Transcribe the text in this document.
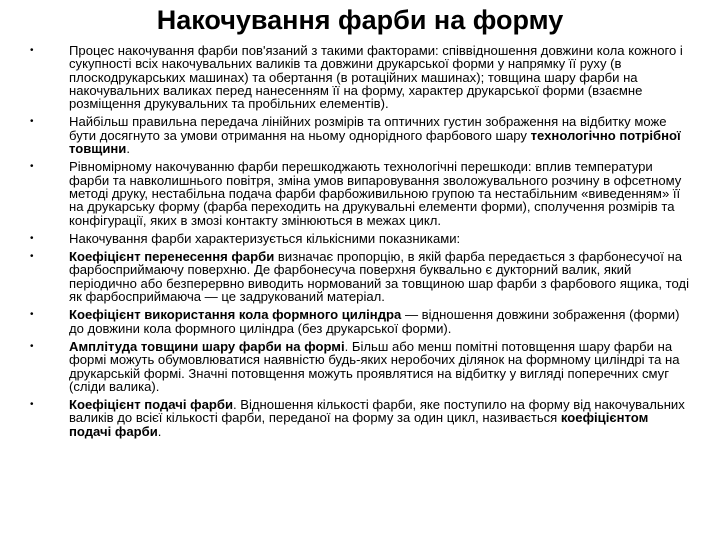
Накочування фарби на форму
•	Процес накочування фарби пов'язаний з такими факторами: співвідношення довжини кола кожного і сукупності всіх накочувальних валиків та довжини друкарської форми у напрямку її руху (в плоскодрукарських машинах) та обертання (в ротаційних машинах); товщина шару фарби на накочувальних валиках перед нанесенням її на форму, характер друкарської форми (взаємне розміщення друкувальних та пробільних елементів).
•	Найбільш правильна передача лінійних розмірів та оптичних густин зображення на відбитку може бути досягнуто за умови отримання на ньому однорідного фарбового шару технологічно потрібної товщини.
•	Рівномірному накочуванню фарби перешкоджають технологічні перешкоди: вплив температури фарби та навколишнього повітря, зміна умов випаровування зволожувального розчину в офсетному методі друку, нестабільна подача фарби фарбоживильною групою та нестабільним «виведенням» її на друкарську форму (фарба переходить на друкувальні елементи форми), сполучення розмірів та конфігурації, яких в змозі контакту змінюються в межах цикл.
•	Накочування фарби характеризується кількісними показниками:
•	Коефіцієнт перенесення фарби визначає пропорцію, в якій фарба передається з фарбонесучої на фарбосприймаючу поверхню. Де фарбонесуча поверхня буквально є дукторний валик, який періодично або безперервно виводить нормований за товщиною шар фарби з фарбового ящика, тоді як фарбосприймаюча — це задрукований матеріал.
•	Коефіцієнт використання кола формного циліндра — відношення довжини зображення (форми) до довжини кола формного циліндра (без друкарської форми).
•	Амплітуда товщини шару фарби на формі. Більш або менш помітні потовщення шару фарби на формі можуть обумовлюватися наявністю будь-яких неробочих ділянок на формному циліндрі та на друкарській формі. Значні потовщення можуть проявлятися на відбитку у вигляді поперечних смуг (сліди валика).
•	Коефіцієнт подачі фарби. Відношення кількості фарби, яке поступило на форму від накочувальних валиків до всієї кількості фарби, переданої на форму за один цикл, називається коефіцієнтом подачі фарби.
